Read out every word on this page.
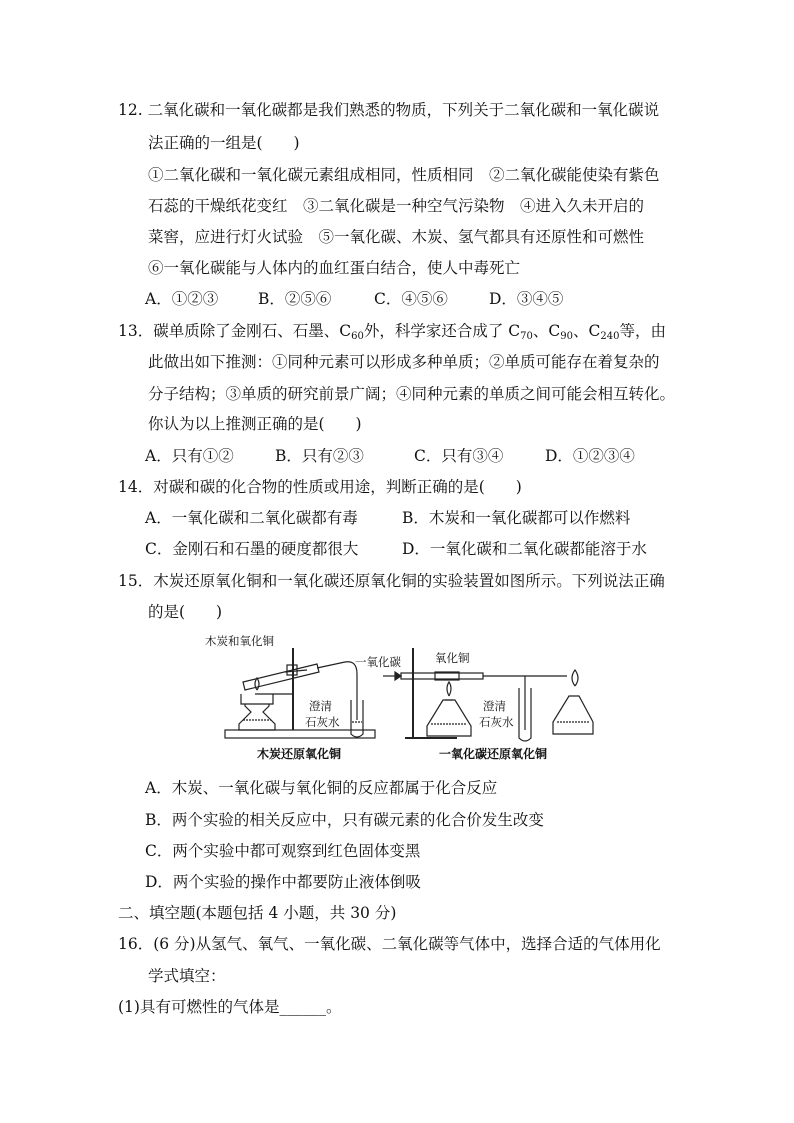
12. 二氧化碳和一氧化碳都是我们熟悉的物质，下列关于二氧化碳和一氧化碳说
法正确的一组是(　　)
①二氧化碳和一氧化碳元素组成相同，性质相同　②二氧化碳能使染有紫色
石蕊的干燥纸花变红　③二氧化碳是一种空气污染物　④进入久未开启的
菜窖，应进行灯火试验　⑤一氧化碳、木炭、氢气都具有还原性和可燃性
⑥一氧化碳能与人体内的血红蛋白结合，使人中毒死亡
A．①②③	B．②⑤⑥	C．④⑤⑥	D．③④⑤
13．碳单质除了金刚石、石墨、$C_{60}$外，科学家还合成了 $C_{70}$、$C_{90}$、$C_{240}$等，由
此做出如下推测：①同种元素可以形成多种单质；②单质可能存在着复杂的
分子结构；③单质的研究前景广阔；④同种元素的单质之间可能会相互转化。
你认为以上推测正确的是(　　)
A．只有①②	B．只有②③	C．只有③④	D．①②③④
14．对碳和碳的化合物的性质或用途，判断正确的是(　　)
A．一氧化碳和二氧化碳都有毒	B．木炭和一氧化碳都可以作燃料
C．金刚石和石墨的硬度都很大	D．一氧化碳和二氧化碳都能溶于水
15．木炭还原氧化铜和一氧化碳还原氧化铜的实验装置如图所示。下列说法正确
的是(　　)
木炭和氧化铜
澄清
石灰水
木炭还原氧化铜
一氧化碳	氧化铜
澄清
石灰水
一氧化碳还原氧化铜
A．木炭、一氧化碳与氧化铜的反应都属于化合反应
B．两个实验的相关反应中，只有碳元素的化合价发生改变
C．两个实验中都可观察到红色固体变黑
D．两个实验的操作中都要防止液体倒吸
二、填空题(本题包括 4 小题，共 30 分)
16．(6 分)从氢气、氧气、一氧化碳、二氧化碳等气体中，选择合适的气体用化
学式填空：
(1)具有可燃性的气体是______。
